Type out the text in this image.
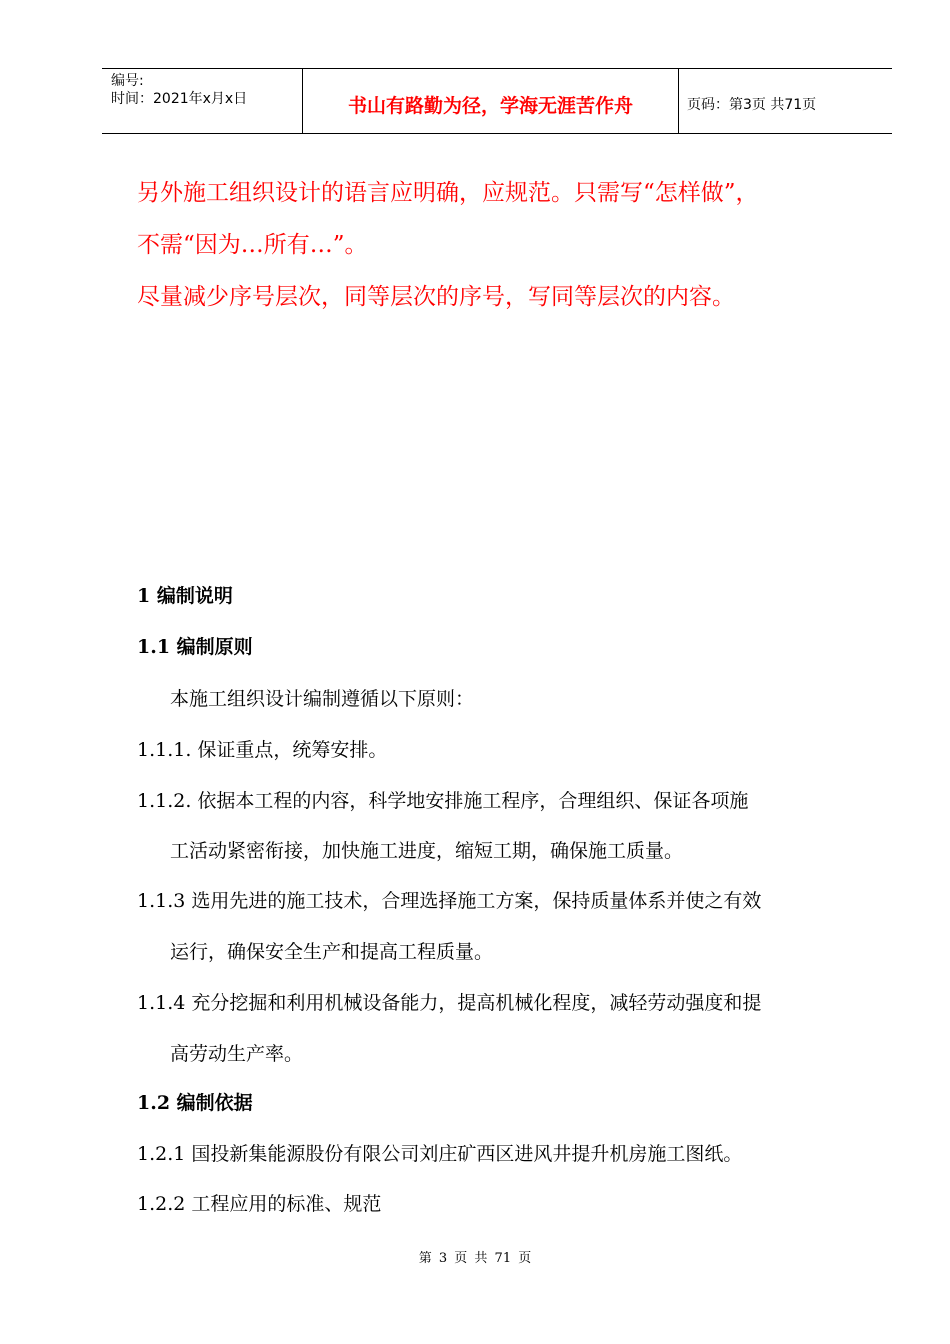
编号:
时间：2021年x月x日	书山有路勤为径，学海无涯苦作舟	页码：第3页 共71页
另外施工组织设计的语言应明确，应规范。只需写“怎样做”，
不需“因为…所有…”。
尽量减少序号层次，同等层次的序号，写同等层次的内容。
1 编制说明
1.1 编制原则
本施工组织设计编制遵循以下原则：
1.1.1. 保证重点，统筹安排。
1.1.2. 依据本工程的内容，科学地安排施工程序，合理组织、保证各项施
工活动紧密衔接，加快施工进度，缩短工期，确保施工质量。
1.1.3 选用先进的施工技术，合理选择施工方案，保持质量体系并使之有效
运行，确保安全生产和提高工程质量。
1.1.4 充分挖掘和利用机械设备能力，提高机械化程度，减轻劳动强度和提
高劳动生产率。
1.2 编制依据
1.2.1 国投新集能源股份有限公司刘庄矿西区进风井提升机房施工图纸。
1.2.2 工程应用的标准、规范
第 3 页 共 71 页
